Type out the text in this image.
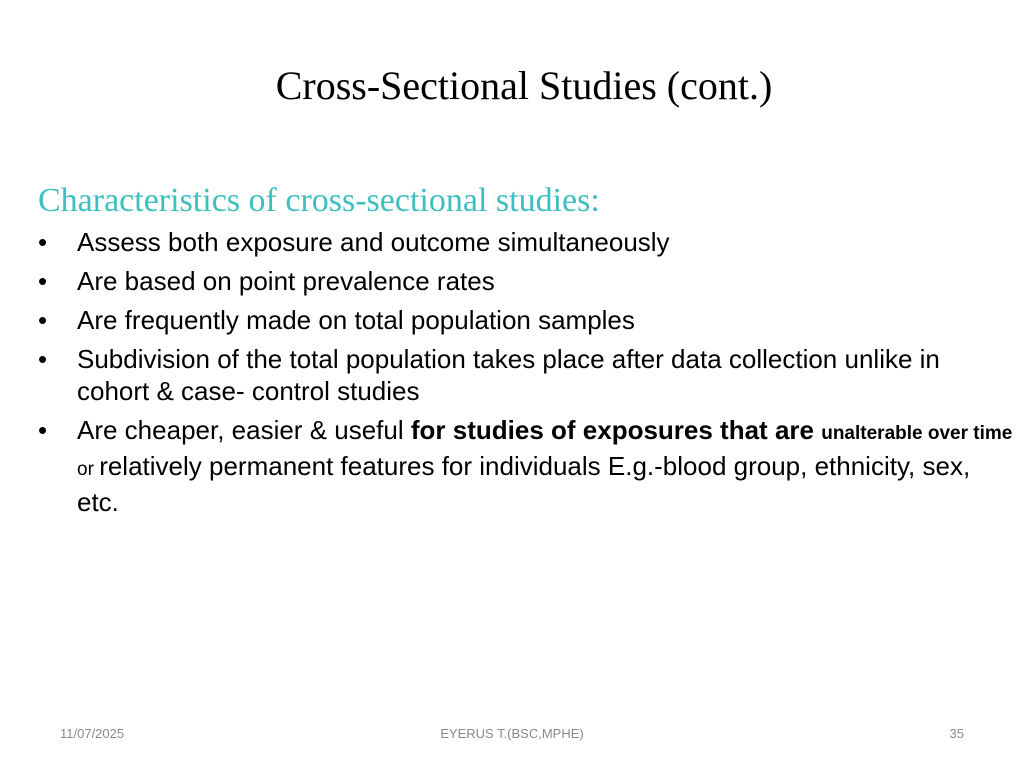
Cross-Sectional Studies (cont.)
Characteristics of cross-sectional studies:
•	Assess both exposure and outcome simultaneously
•	Are based on point prevalence rates
•	Are frequently made on total population samples
•	Subdivision of the total population takes place after data collection unlike in cohort & case- control studies
•	Are cheaper, easier & useful for studies of exposures that are unalterable over time or relatively permanent features for individuals E.g.-blood group, ethnicity, sex, etc.
11/07/2025	EYERUS T.(BSC,MPHE)	35
